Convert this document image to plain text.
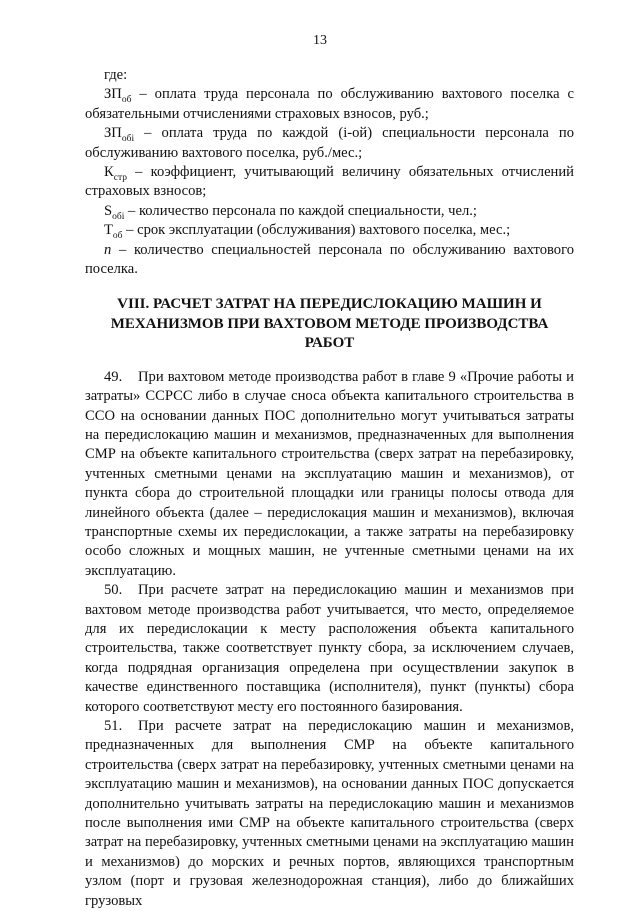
13

где:

$ЗП_{об}$ – оплата труда персонала по обслуживанию вахтового поселка с обязательными отчислениями страховых взносов, руб.;

$ЗП_{обi}$ – оплата труда по каждой (i-ой) специальности персонала по обслуживанию вахтового поселка, руб./мес.;

$К_{стр}$ – коэффициент, учитывающий величину обязательных отчислений страховых взносов;

$S_{обi}$ – количество персонала по каждой специальности, чел.;

$Т_{об}$ – срок эксплуатации (обслуживания) вахтового поселка, мес.;

n – количество специальностей персонала по обслуживанию вахтового поселка.

VIII. РАСЧЕТ ЗАТРАТ НА ПЕРЕДИСЛОКАЦИЮ МАШИН И МЕХАНИЗМОВ ПРИ ВАХТОВОМ МЕТОДЕ ПРОИЗВОДСТВА РАБОТ

49. При вахтовом методе производства работ в главе 9 «Прочие работы и затраты» ССРСС либо в случае сноса объекта капитального строительства в ССО на основании данных ПОС дополнительно могут учитываться затраты на передислокацию машин и механизмов, предназначенных для выполнения СМР на объекте капитального строительства (сверх затрат на перебазировку, учтенных сметными ценами на эксплуатацию машин и механизмов), от пункта сбора до строительной площадки или границы полосы отвода для линейного объекта (далее – передислокация машин и механизмов), включая транспортные схемы их передислокации, а также затраты на перебазировку особо сложных и мощных машин, не учтенные сметными ценами на их эксплуатацию.

50. При расчете затрат на передислокацию машин и механизмов при вахтовом методе производства работ учитывается, что место, определяемое для их передислокации к месту расположения объекта капитального строительства, также соответствует пункту сбора, за исключением случаев, когда подрядная организация определена при осуществлении закупок в качестве единственного поставщика (исполнителя), пункт (пункты) сбора которого соответствуют месту его постоянного базирования.

51. При расчете затрат на передислокацию машин и механизмов, предназначенных для выполнения СМР на объекте капитального строительства (сверх затрат на перебазировку, учтенных сметными ценами на эксплуатацию машин и механизмов), на основании данных ПОС допускается дополнительно учитывать затраты на передислокацию машин и механизмов после выполнения ими СМР на объекте капитального строительства (сверх затрат на перебазировку, учтенных сметными ценами на эксплуатацию машин и механизмов) до морских и речных портов, являющихся транспортным узлом (порт и грузовая железнодорожная станция), либо до ближайших грузовых
